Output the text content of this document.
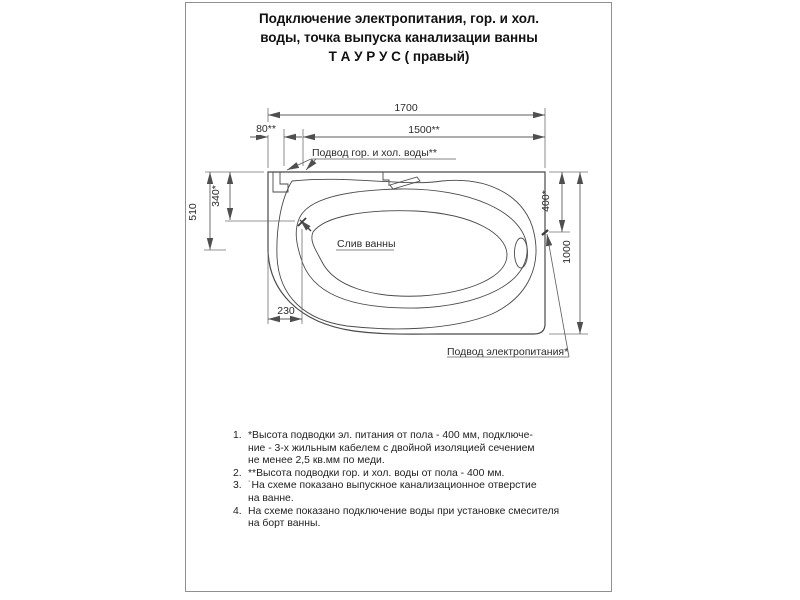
Подключение электропитания, гор. и хол.
воды, точка выпуска канализации ванны
Т А У Р У С ( правый)
1700
80**	1500**
510
340*
230
400*
1000
Подвод гор. и хол. воды**
Слив ванны
Подвод электропитания*
1. *Высота подводки эл. питания от пола - 400 мм, подключе-
ние - 3-х жильным кабелем с двойной изоляцией сечением
не менее 2,5 кв.мм по меди.
2. **Высота подводки гор. и хол. воды от пола - 400 мм.
3. ˙На схеме показано выпускное канализационное отверстие
на ванне.
4. На схеме показано подключение воды при установке смесителя
на борт ванны.
